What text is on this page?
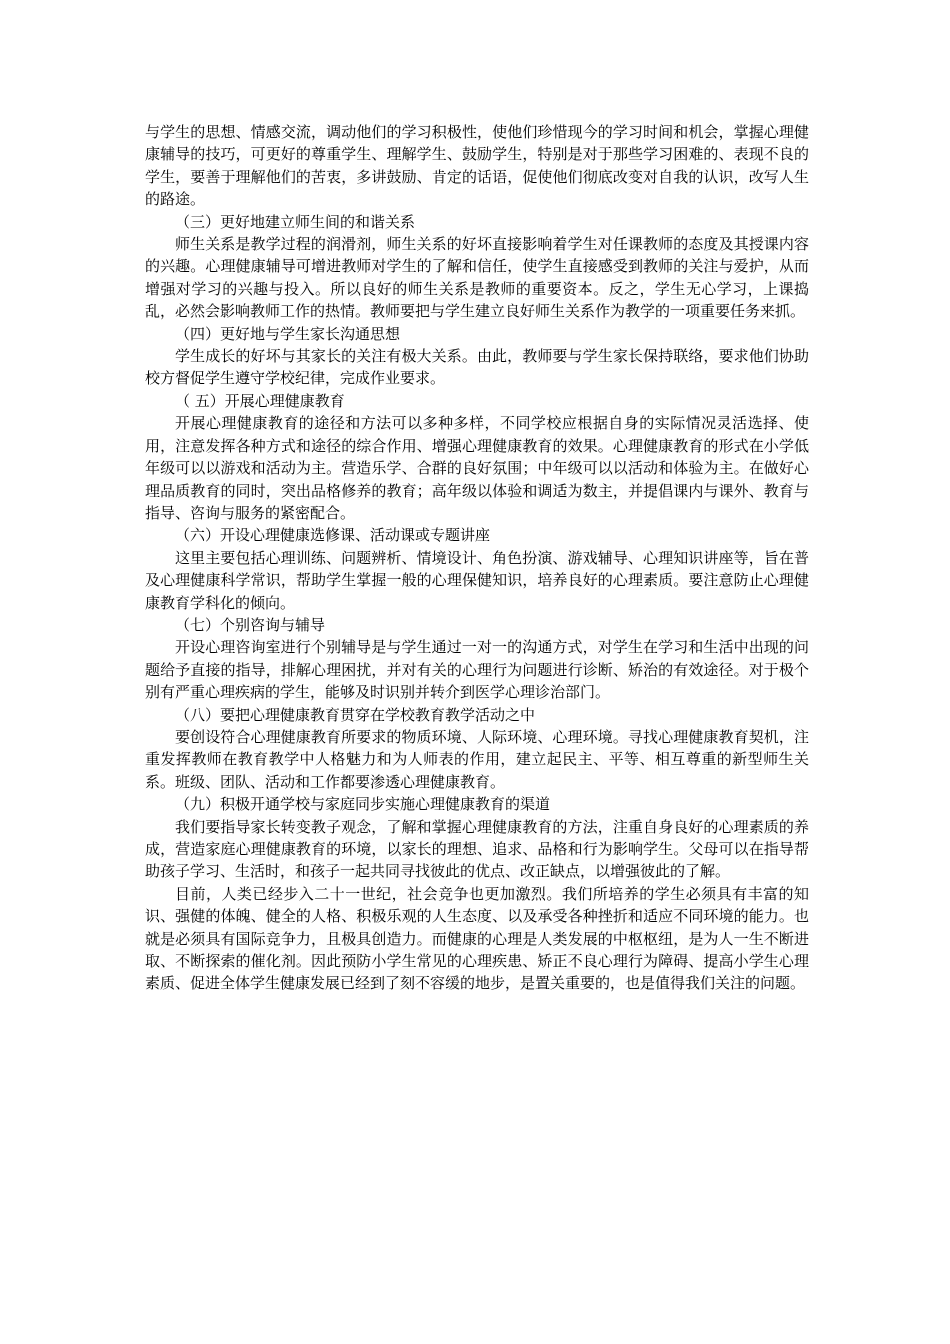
与学生的思想、情感交流，调动他们的学习积极性，使他们珍惜现今的学习时间和机会，掌握心理健康辅导的技巧，可更好的尊重学生、理解学生、鼓励学生，特别是对于那些学习困难的、表现不良的学生，要善于理解他们的苦衷，多讲鼓励、肯定的话语，促使他们彻底改变对自我的认识，改写人生的路途。

（三）更好地建立师生间的和谐关系

师生关系是教学过程的润滑剂，师生关系的好坏直接影响着学生对任课教师的态度及其授课内容的兴趣。心理健康辅导可增进教师对学生的了解和信任，使学生直接感受到教师的关注与爱护，从而增强对学习的兴趣与投入。所以良好的师生关系是教师的重要资本。反之，学生无心学习，上课捣乱，必然会影响教师工作的热情。教师要把与学生建立良好师生关系作为教学的一项重要任务来抓。

（四）更好地与学生家长沟通思想

学生成长的好坏与其家长的关注有极大关系。由此，教师要与学生家长保持联络，要求他们协助校方督促学生遵守学校纪律，完成作业要求。

（ 五）开展心理健康教育

开展心理健康教育的途径和方法可以多种多样，不同学校应根据自身的实际情况灵活选择、使用，注意发挥各种方式和途径的综合作用、增强心理健康教育的效果。心理健康教育的形式在小学低年级可以以游戏和活动为主。营造乐学、合群的良好氛围；中年级可以以活动和体验为主。在做好心理品质教育的同时，突出品格修养的教育；高年级以体验和调适为数主，并提倡课内与课外、教育与指导、咨询与服务的紧密配合。

（六）开设心理健康选修课、活动课或专题讲座

这里主要包括心理训练、问题辨析、情境设计、角色扮演、游戏辅导、心理知识讲座等，旨在普及心理健康科学常识，帮助学生掌握一般的心理保健知识，培养良好的心理素质。要注意防止心理健康教育学科化的倾向。

（七）个别咨询与辅导

开设心理咨询室进行个别辅导是与学生通过一对一的沟通方式，对学生在学习和生活中出现的问题给予直接的指导，排解心理困扰，并对有关的心理行为问题进行诊断、矫治的有效途径。对于极个别有严重心理疾病的学生，能够及时识别并转介到医学心理诊治部门。

（八）要把心理健康教育贯穿在学校教育教学活动之中

要创设符合心理健康教育所要求的物质环境、人际环境、心理环境。寻找心理健康教育契机，注重发挥教师在教育教学中人格魅力和为人师表的作用，建立起民主、平等、相互尊重的新型师生关系。班级、团队、活动和工作都要渗透心理健康教育。

（九）积极开通学校与家庭同步实施心理健康教育的渠道

我们要指导家长转变教子观念，了解和掌握心理健康教育的方法，注重自身良好的心理素质的养成，营造家庭心理健康教育的环境，以家长的理想、追求、品格和行为影响学生。父母可以在指导帮助孩子学习、生活时，和孩子一起共同寻找彼此的优点、改正缺点，以增强彼此的了解。

目前，人类已经步入二十一世纪，社会竞争也更加激烈。我们所培养的学生必须具有丰富的知识、强健的体魄、健全的人格、积极乐观的人生态度、以及承受各种挫折和适应不同环境的能力。也就是必须具有国际竞争力，且极具创造力。而健康的心理是人类发展的中枢枢纽，是为人一生不断进取、不断探索的催化剂。因此预防小学生常见的心理疾患、矫正不良心理行为障碍、提高小学生心理素质、促进全体学生健康发展已经到了刻不容缓的地步，是置关重要的，也是值得我们关注的问题。
